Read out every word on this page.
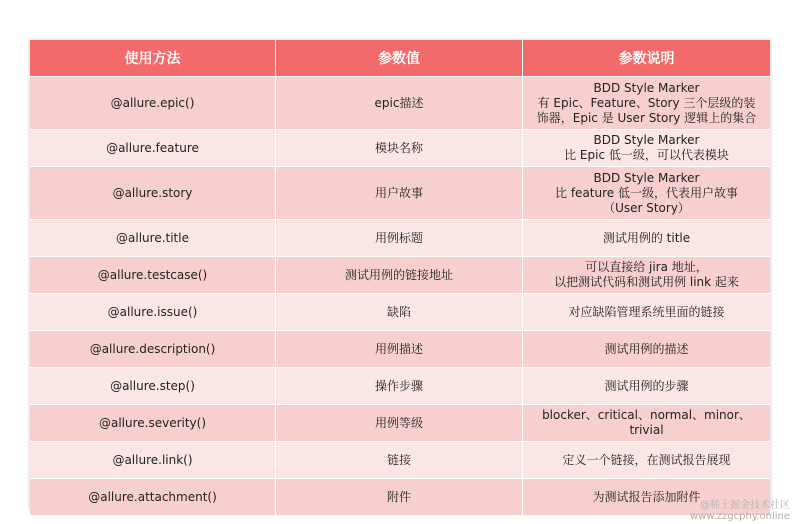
使用方法	参数值	参数说明
@allure.epic()	epic描述	BDD Style Marker
有 Epic、Feature、Story 三个层级的装
饰器，Epic 是 User Story 逻辑上的集合

@allure.feature	模块名称	BDD Style Marker
比 Epic 低一级，可以代表模块

@allure.story	用户故事	BDD Style Marker
比 feature 低一级，代表用户故事
（User Story）

@allure.title	用例标题	测试用例的 title

@allure.testcase()	测试用例的链接地址	可以直接给 jira 地址，
以把测试代码和测试用例 link 起来

@allure.issue()	缺陷	对应缺陷管理系统里面的链接

@allure.description()	用例描述	测试用例的描述

@allure.step()	操作步骤	测试用例的步骤

@allure.severity()	用例等级	blocker、critical、normal、minor、
trivial

@allure.link()	链接	定义一个链接，在测试报告展现

@allure.attachment()	附件	为测试报告添加附件
@稀土掘金技术社区
www.zzgcphy.online
